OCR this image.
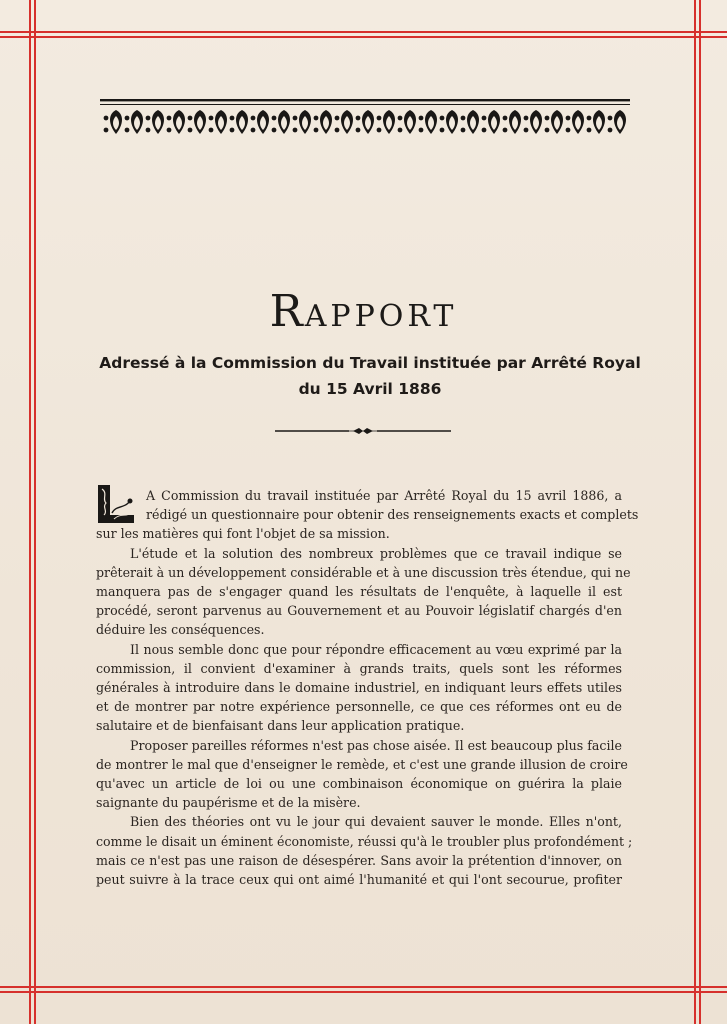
RAPPORT
Adressé à la Commission du Travail instituée par Arrêté Royal
du 15 Avril 1886
A Commission du travail instituée par Arrêté Royal du 15 avril 1886, a
rédigé un questionnaire pour obtenir des renseignements exacts et complets
sur les matières qui font l'objet de sa mission.
L'étude et la solution des nombreux problèmes que ce travail indique se
prêterait à un développement considérable et à une discussion très étendue, qui ne
manquera pas de s'engager quand les résultats de l'enquête, à laquelle il est
procédé, seront parvenus au Gouvernement et au Pouvoir législatif chargés d'en
déduire les conséquences.
Il nous semble donc que pour répondre efficacement au vœu exprimé par la
commission, il convient d'examiner à grands traits, quels sont les réformes
générales à introduire dans le domaine industriel, en indiquant leurs effets utiles
et de montrer par notre expérience personnelle, ce que ces réformes ont eu de
salutaire et de bienfaisant dans leur application pratique.
Proposer pareilles réformes n'est pas chose aisée. Il est beaucoup plus facile
de montrer le mal que d'enseigner le remède, et c'est une grande illusion de croire
qu'avec un article de loi ou une combinaison économique on guérira la plaie
saignante du paupérisme et de la misère.
Bien des théories ont vu le jour qui devaient sauver le monde. Elles n'ont,
comme le disait un éminent économiste, réussi qu'à le troubler plus profondément ;
mais ce n'est pas une raison de désespérer. Sans avoir la prétention d'innover, on
peut suivre à la trace ceux qui ont aimé l'humanité et qui l'ont secourue, profiter
